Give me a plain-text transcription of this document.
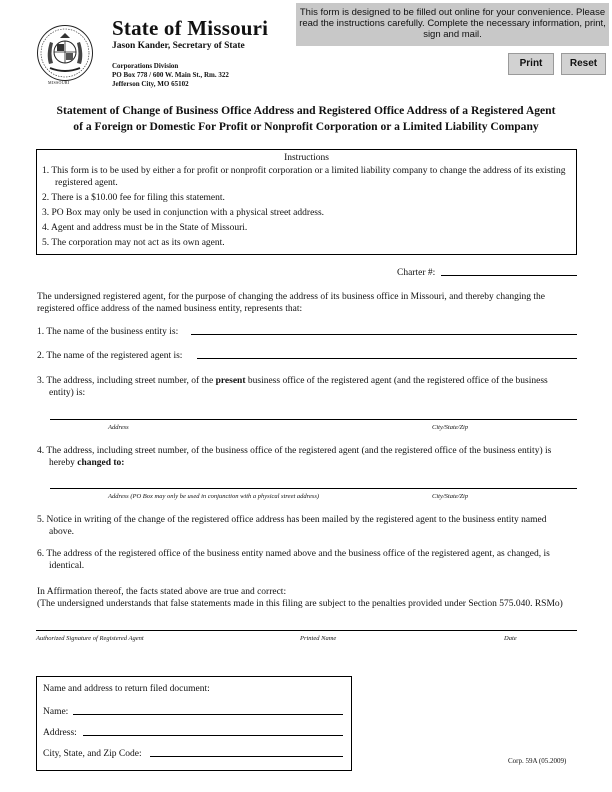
MISSOURI
State of Missouri
Jason Kander, Secretary of State
Corporations Division
PO Box 778 / 600 W. Main St., Rm. 322
Jefferson City, MO 65102
This form is designed to be filled out online for your convenience. Please read the instructions carefully. Complete the necessary information, print, sign and mail.
Print	Reset
Statement of Change of Business Office Address and Registered Office Address of a Registered Agent
of a Foreign or Domestic For Profit or Nonprofit Corporation or a Limited Liability Company
Instructions
1. This form is to be used by either a for profit or nonprofit corporation or a limited liability company to change the address of its existing registered agent.
2. There is a $10.00 fee for filing this statement.
3. PO Box may only be used in conjunction with a physical street address.
4. Agent and address must be in the State of Missouri.
5. The corporation may not act as its own agent.
Charter #:
The undersigned registered agent, for the purpose of changing the address of its business office in Missouri, and thereby changing the registered office address of the named business entity, represents that:
1. The name of the business entity is:
2. The name of the registered agent is:
3. The address, including street number, of the present business office of the registered agent (and the registered office of the business entity) is:
Address	City/State/Zip
4. The address, including street number, of the business office of the registered agent (and the registered office of the business entity) is hereby changed to:
Address (PO Box may only be used in conjunction with a physical street address)	City/State/Zip
5. Notice in writing of the change of the registered office address has been mailed by the registered agent to the business entity named above.
6. The address of the registered office of the business entity named above and the business office of the registered agent, as changed, is identical.
In Affirmation thereof, the facts stated above are true and correct:
(The undersigned understands that false statements made in this filing are subject to the penalties provided under Section 575.040. RSMo)
Authorized Signature of Registered Agent	Printed Name	Date
Name and address to return filed document:
Name:
Address:
City, State, and Zip Code:
Corp. 59A (05.2009)
